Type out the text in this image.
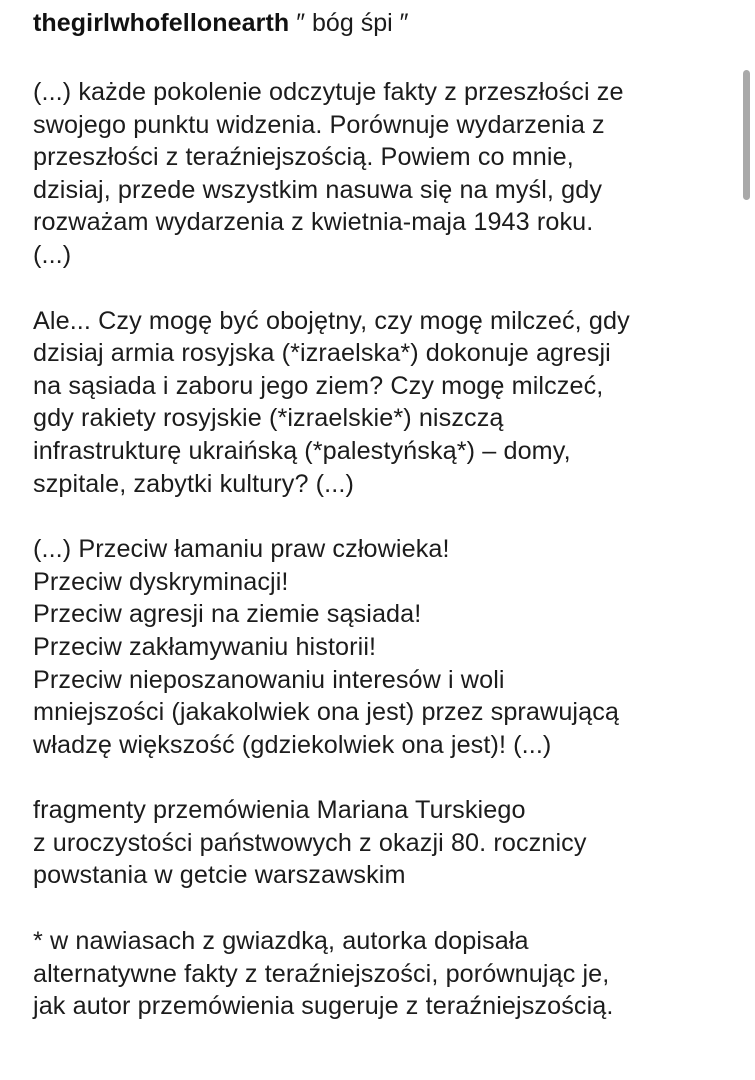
thegirlwhofellonearth ″ bóg śpi ″

(...) każde pokolenie odczytuje fakty z przeszłości ze
swojego punktu widzenia. Porównuje wydarzenia z
przeszłości z teraźniejszością. Powiem co mnie,
dzisiaj, przede wszystkim nasuwa się na myśl, gdy
rozważam wydarzenia z kwietnia-maja 1943 roku.
(...)

Ale... Czy mogę być obojętny, czy mogę milczeć, gdy
dzisiaj armia rosyjska (*izraelska*) dokonuje agresji
na sąsiada i zaboru jego ziem? Czy mogę milczeć,
gdy rakiety rosyjskie (*izraelskie*) niszczą
infrastrukturę ukraińską (*palestyńską*) – domy,
szpitale, zabytki kultury? (...)

(...) Przeciw łamaniu praw człowieka!
Przeciw dyskryminacji!
Przeciw agresji na ziemie sąsiada!
Przeciw zakłamywaniu historii!
Przeciw nieposzanowaniu interesów i woli
mniejszości (jakakolwiek ona jest) przez sprawującą
władzę większość (gdziekolwiek ona jest)! (...)

fragmenty przemówienia Mariana Turskiego
z uroczystości państwowych z okazji 80. rocznicy
powstania w getcie warszawskim

* w nawiasach z gwiazdką, autorka dopisała
alternatywne fakty z teraźniejszości, porównując je,
jak autor przemówienia sugeruje z teraźniejszością.
